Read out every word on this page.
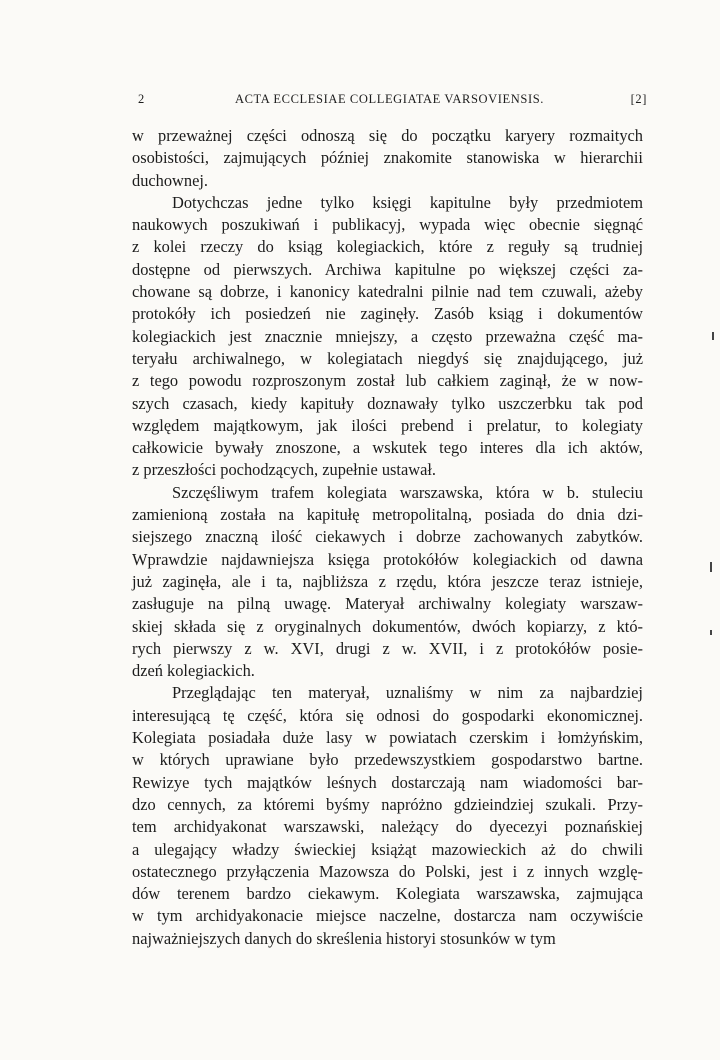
2	ACTA ECCLESIAE COLLEGIATAE VARSOVIENSIS.	[2]
w przeważnej części odnoszą się do początku karyery rozmaitych
osobistości, zajmujących później znakomite stanowiska w hierarchii
duchownej.
Dotychczas jedne tylko księgi kapitulne były przedmiotem
naukowych poszukiwań i publikacyj, wypada więc obecnie sięgnąć
z kolei rzeczy do ksiąg kolegiackich, które z reguły są trudniej
dostępne od pierwszych. Archiwa kapitulne po większej części za-
chowane są dobrze, i kanonicy katedralni pilnie nad tem czuwali, ażeby
protokóły ich posiedzeń nie zaginęły. Zasób ksiąg i dokumentów
kolegiackich jest znacznie mniejszy, a często przeważna część ma-
teryału archiwalnego, w kolegiatach niegdyś się znajdującego, już
z tego powodu rozproszonym został lub całkiem zaginął, że w now-
szych czasach, kiedy kapituły doznawały tylko uszczerbku tak pod
względem majątkowym, jak ilości prebend i prelatur, to kolegiaty
całkowicie bywały znoszone, a wskutek tego interes dla ich aktów,
z przeszłości pochodzących, zupełnie ustawał.
Szczęśliwym trafem kolegiata warszawska, która w b. stuleciu
zamienioną została na kapitułę metropolitalną, posiada do dnia dzi-
siejszego znaczną ilość ciekawych i dobrze zachowanych zabytków.
Wprawdzie najdawniejsza księga protokółów kolegiackich od dawna
już zaginęła, ale i ta, najbliższa z rzędu, która jeszcze teraz istnieje,
zasługuje na pilną uwagę. Materyał archiwalny kolegiaty warszaw-
skiej składa się z oryginalnych dokumentów, dwóch kopiarzy, z któ-
rych pierwszy z w. XVI, drugi z w. XVII, i z protokółów posie-
dzeń kolegiackich.
Przeglądając ten materyał, uznaliśmy w nim za najbardziej
interesującą tę część, która się odnosi do gospodarki ekonomicznej.
Kolegiata posiadała duże lasy w powiatach czerskim i łomżyńskim,
w których uprawiane było przedewszystkiem gospodarstwo bartne.
Rewizye tych majątków leśnych dostarczają nam wiadomości bar-
dzo cennych, za któremi byśmy napróżno gdzieindziej szukali. Przy-
tem archidyakonat warszawski, należący do dyecezyi poznańskiej
a ulegający władzy świeckiej książąt mazowieckich aż do chwili
ostatecznego przyłączenia Mazowsza do Polski, jest i z innych wzglę-
dów terenem bardzo ciekawym. Kolegiata warszawska, zajmująca
w tym archidyakonacie miejsce naczelne, dostarcza nam oczywiście
najważniejszych danych do skreślenia historyi stosunków w tym
